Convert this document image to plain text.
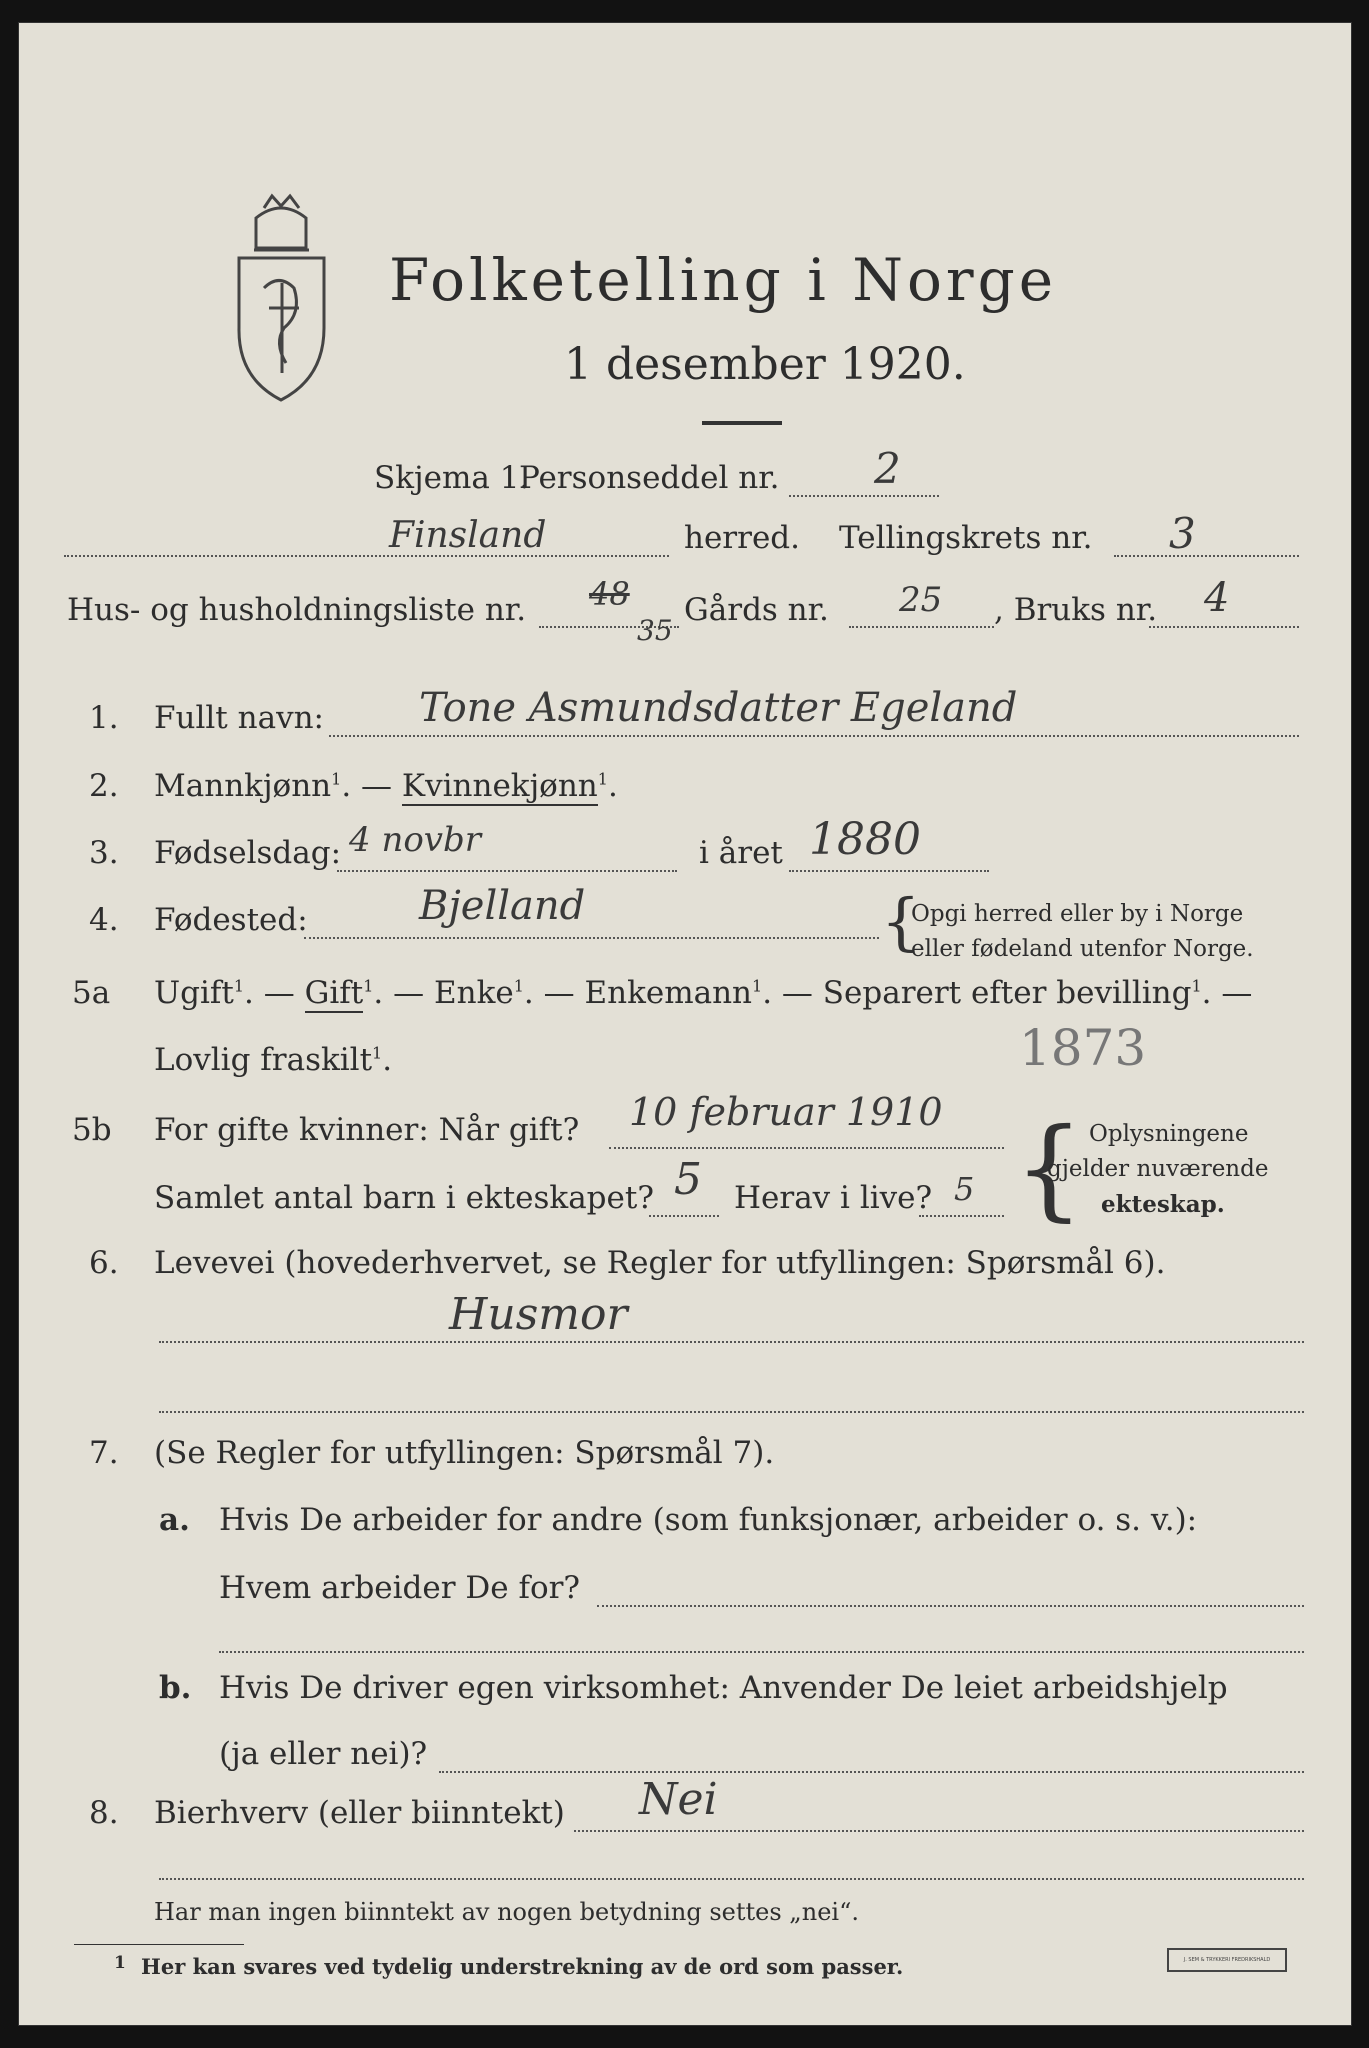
Folketelling i Norge
1 desember 1920.
Skjema 1.
Personseddel nr. 2
Finsland	herred. Tellingskrets nr. 3
Hus- og husholdningsliste nr. 48
35
Gårds nr. 25 , Bruks nr. 4
1. Fullt navn: Tone Asmundsdatter Egeland
2. Mannkjønn$^1$. — Kvinnekjønn$^1$.
3. Fødselsdag: 4 novbr	i året 1880
4. Fødested:	Bjelland	{
Opgi herred eller by i Norge
eller fødeland utenfor Norge.
5a Ugift$^1$. — Gift$^1$. — Enke$^1$. — Enkemann$^1$. — Separert efter bevilling$^1$. —
Lovlig fraskilt$^1$.	1873
5b For gifte kvinner: Når gift? 10 februar 1910
Samlet antal barn i ekteskapet? 5 Herav i live? 5 { Oplysningene
gjelder nuværende
ekteskap.
6. Levevei (hovederhvervet, se Regler for utfyllingen: Spørsmål 6).
Husmor
7. (Se Regler for utfyllingen: Spørsmål 7).
a. Hvis De arbeider for andre (som funksjonær, arbeider o. s. v.):
Hvem arbeider De for?
b. Hvis De driver egen virksomhet: Anvender De leiet arbeidshjelp
(ja eller nei)?
8. Bierhverv (eller biinntekt) Nei
Har man ingen biinntekt av nogen betydning settes „nei“.
1 Her kan svares ved tydelig understrekning av de ord som passer.	J. SEM & TRYKKERI FREDRIKSHALD
